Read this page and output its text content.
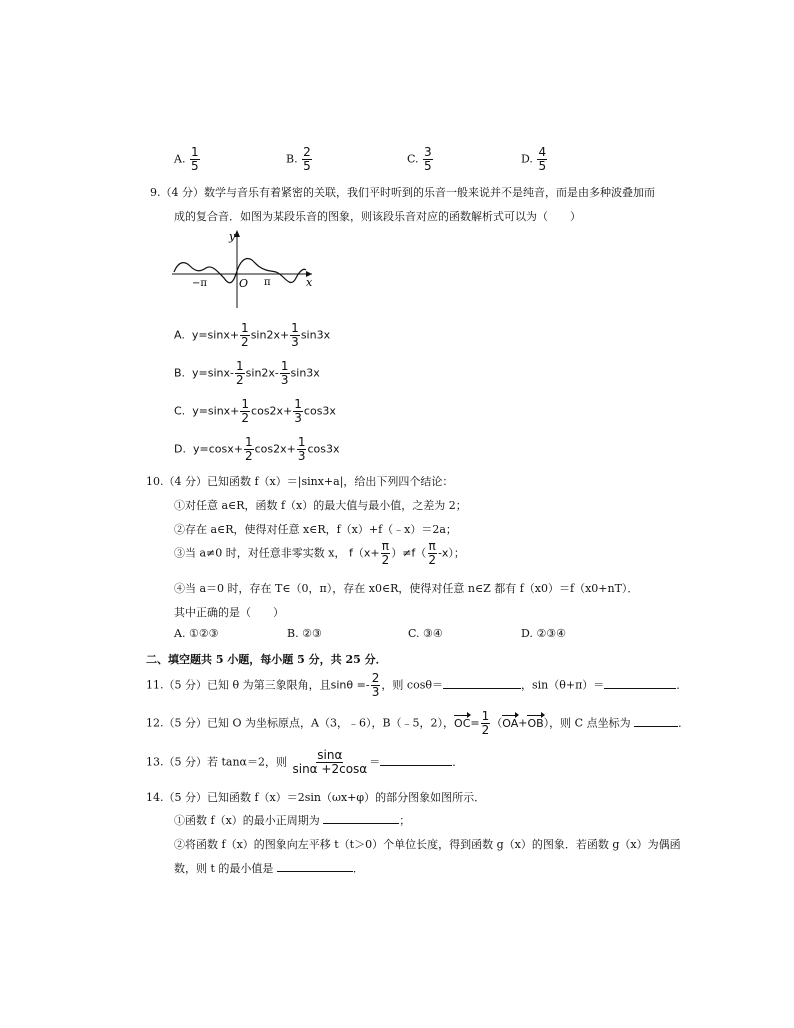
A. $\frac{1}{5}$	B. $\frac{2}{5}$	C. $\frac{3}{5}$	D. $\frac{4}{5}$
9.（4 分）数学与音乐有着紧密的关联，我们平时听到的乐音一般来说并不是纯音，而是由多种波叠加而
成的复合音．如图为某段乐音的图象，则该段乐音对应的函数解析式可以为（　　）
y
x
O
−π	π
A. $y=\sin x+ \frac{1}{2} \sin 2x+ \frac{1}{3} \sin 3x$
B. $y=\sin x- \frac{1}{2} \sin 2x- \frac{1}{3} \sin 3x$
C. $y=\sin x+ \frac{1}{2} \cos 2x+ \frac{1}{3} \cos 3x$
D. $y=\cos x+ \frac{1}{2} \cos 2x+ \frac{1}{3} \cos 3x$
10.（4 分）已知函数 f（x）＝|sinx+a|，给出下列四个结论：
①对任意 a∈R，函数 f（x）的最大值与最小值，之差为 2；
②存在 a∈R，使得对任意 x∈R，f（x）+f（﹣x）＝2a；
③当 a≠0 时，对任意非零实数 x， $f(x+ \frac{\pi}{2} )\ne f( \frac{\pi}{2} -x)$；
④当 a＝0 时，存在 T∈（0，π），存在 x0∈R，使得对任意 n∈Z 都有 f（x0）＝f（x0+nT）．
其中正确的是（　　）
A. ①②③	B. ②③	C. ③④	D. ②③④
二、填空题共 5 小题，每小题 5 分，共 25 分．
11.（5 分）已知 θ 为第三象限角，且$\sin\theta =- \frac{2}{3}$ ，则 cosθ＝	，sin（θ+π）＝	．
12.（5 分）已知 O 为坐标原点，A（3，﹣6），B（﹣5，2），$OC= \frac{1}{2} (OA+OB)$，则 C 点坐标为	．
13.（5 分）若 tanα＝2，则 $\frac{\sin\alpha}{\sin\alpha +2\cos\alpha}$ ＝	．
14.（5 分）已知函数 f（x）＝2sin（ωx+φ）的部分图象如图所示．
①函数 f（x）的最小正周期为	；
②将函数 f（x）的图象向左平移 t（t＞0）个单位长度，得到函数 g（x）的图象．若函数 g（x）为偶函
数，则 t 的最小值是	．
